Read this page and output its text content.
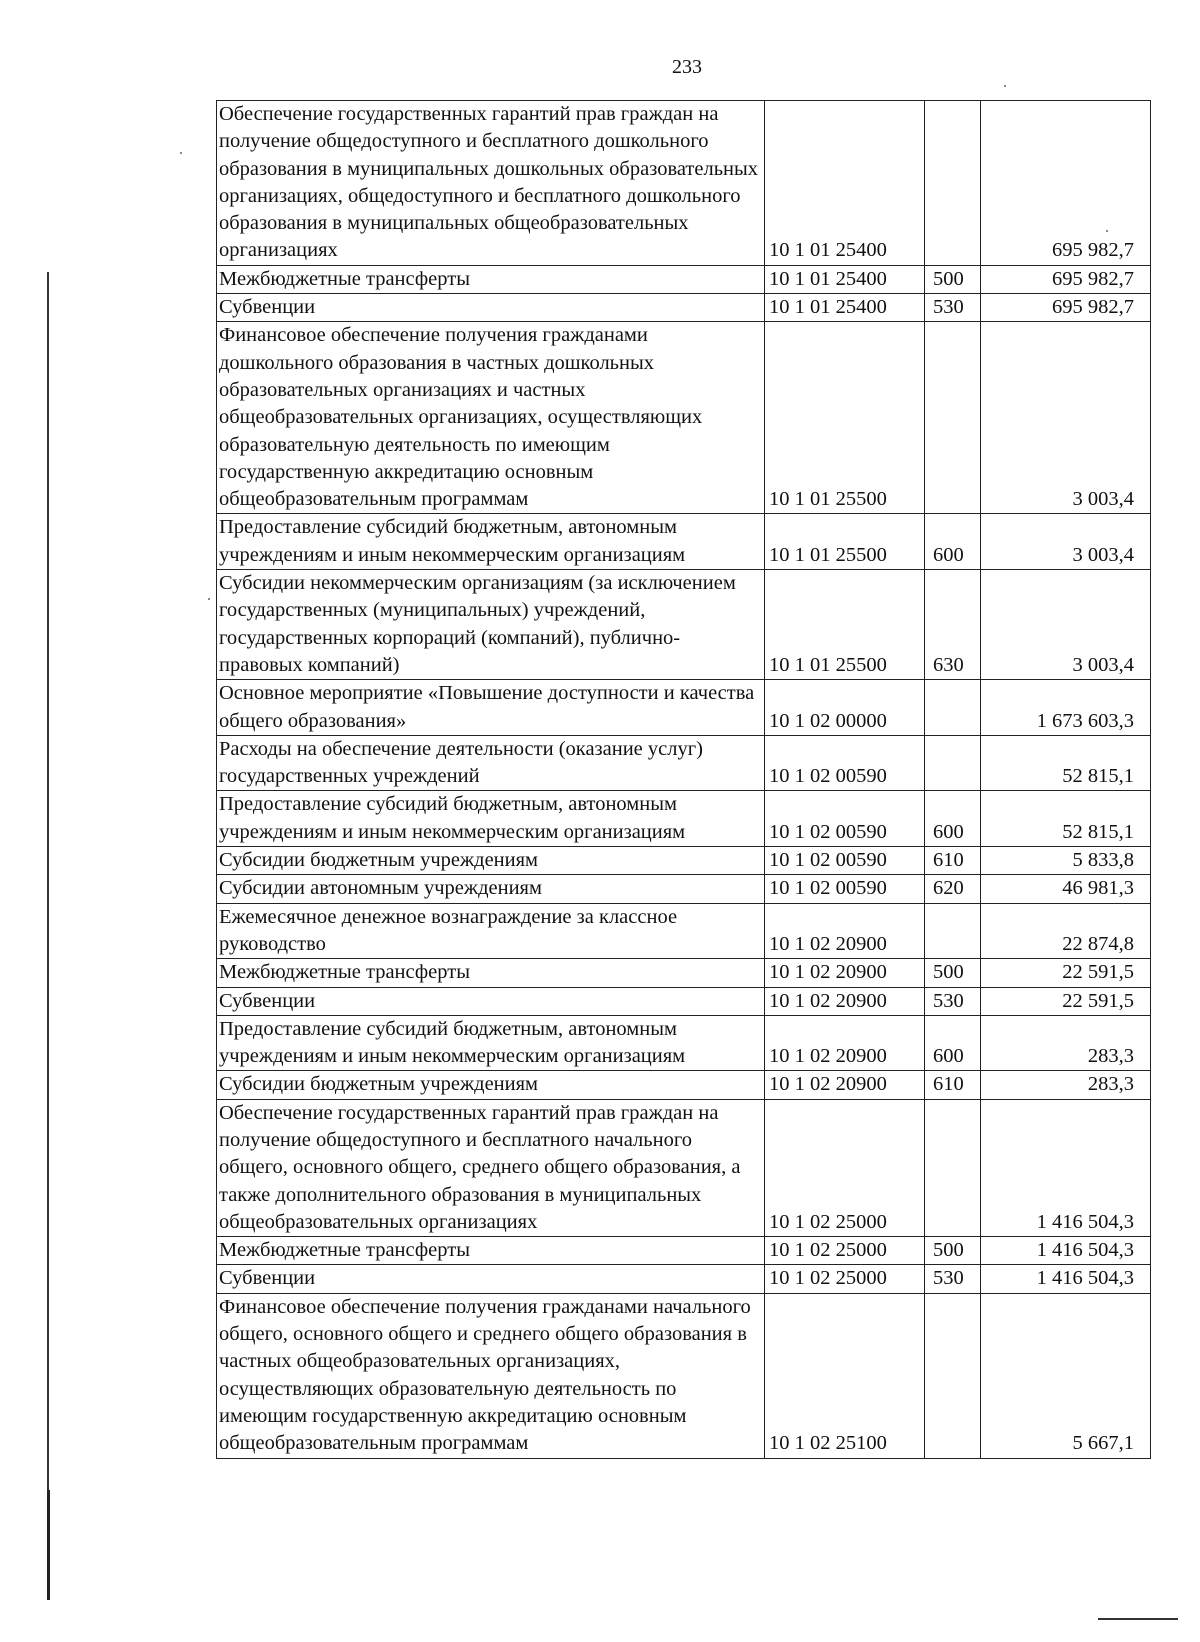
233
Обеспечение государственных гарантий прав граждан на получение общедоступного и бесплатного дошкольного образования в муниципальных дошкольных образовательных организациях, общедоступного и бесплатного дошкольного образования в муниципальных общеобразовательных организациях	10 1 01 25400		695 982,7
Межбюджетные трансферты	10 1 01 25400	500	695 982,7
Субвенции	10 1 01 25400	530	695 982,7
Финансовое обеспечение получения гражданами дошкольного образования в частных дошкольных образовательных организациях и частных общеобразовательных организациях, осуществляющих образовательную деятельность по имеющим государственную аккредитацию основным общеобразовательным программам	10 1 01 25500		3 003,4
Предоставление субсидий бюджетным, автономным учреждениям и иным некоммерческим организациям	10 1 01 25500	600	3 003,4
Субсидии некоммерческим организациям (за исключением государственных (муниципальных) учреждений, государственных корпораций (компаний), публично-правовых компаний)	10 1 01 25500	630	3 003,4
Основное мероприятие «Повышение доступности и качества общего образования»	10 1 02 00000		1 673 603,3
Расходы на обеспечение деятельности (оказание услуг) государственных учреждений	10 1 02 00590		52 815,1
Предоставление субсидий бюджетным, автономным учреждениям и иным некоммерческим организациям	10 1 02 00590	600	52 815,1
Субсидии бюджетным учреждениям	10 1 02 00590	610	5 833,8
Субсидии автономным учреждениям	10 1 02 00590	620	46 981,3
Ежемесячное денежное вознаграждение за классное руководство	10 1 02 20900		22 874,8
Межбюджетные трансферты	10 1 02 20900	500	22 591,5
Субвенции	10 1 02 20900	530	22 591,5
Предоставление субсидий бюджетным, автономным учреждениям и иным некоммерческим организациям	10 1 02 20900	600	283,3
Субсидии бюджетным учреждениям	10 1 02 20900	610	283,3
Обеспечение государственных гарантий прав граждан на получение общедоступного и бесплатного начального общего, основного общего, среднего общего образования, а также дополнительного образования в муниципальных общеобразовательных организациях	10 1 02 25000		1 416 504,3
Межбюджетные трансферты	10 1 02 25000	500	1 416 504,3
Субвенции	10 1 02 25000	530	1 416 504,3
Финансовое обеспечение получения гражданами начального общего, основного общего и среднего общего образования в частных общеобразовательных организациях, осуществляющих образовательную деятельность по имеющим государственную аккредитацию основным общеобразовательным программам	10 1 02 25100		5 667,1
